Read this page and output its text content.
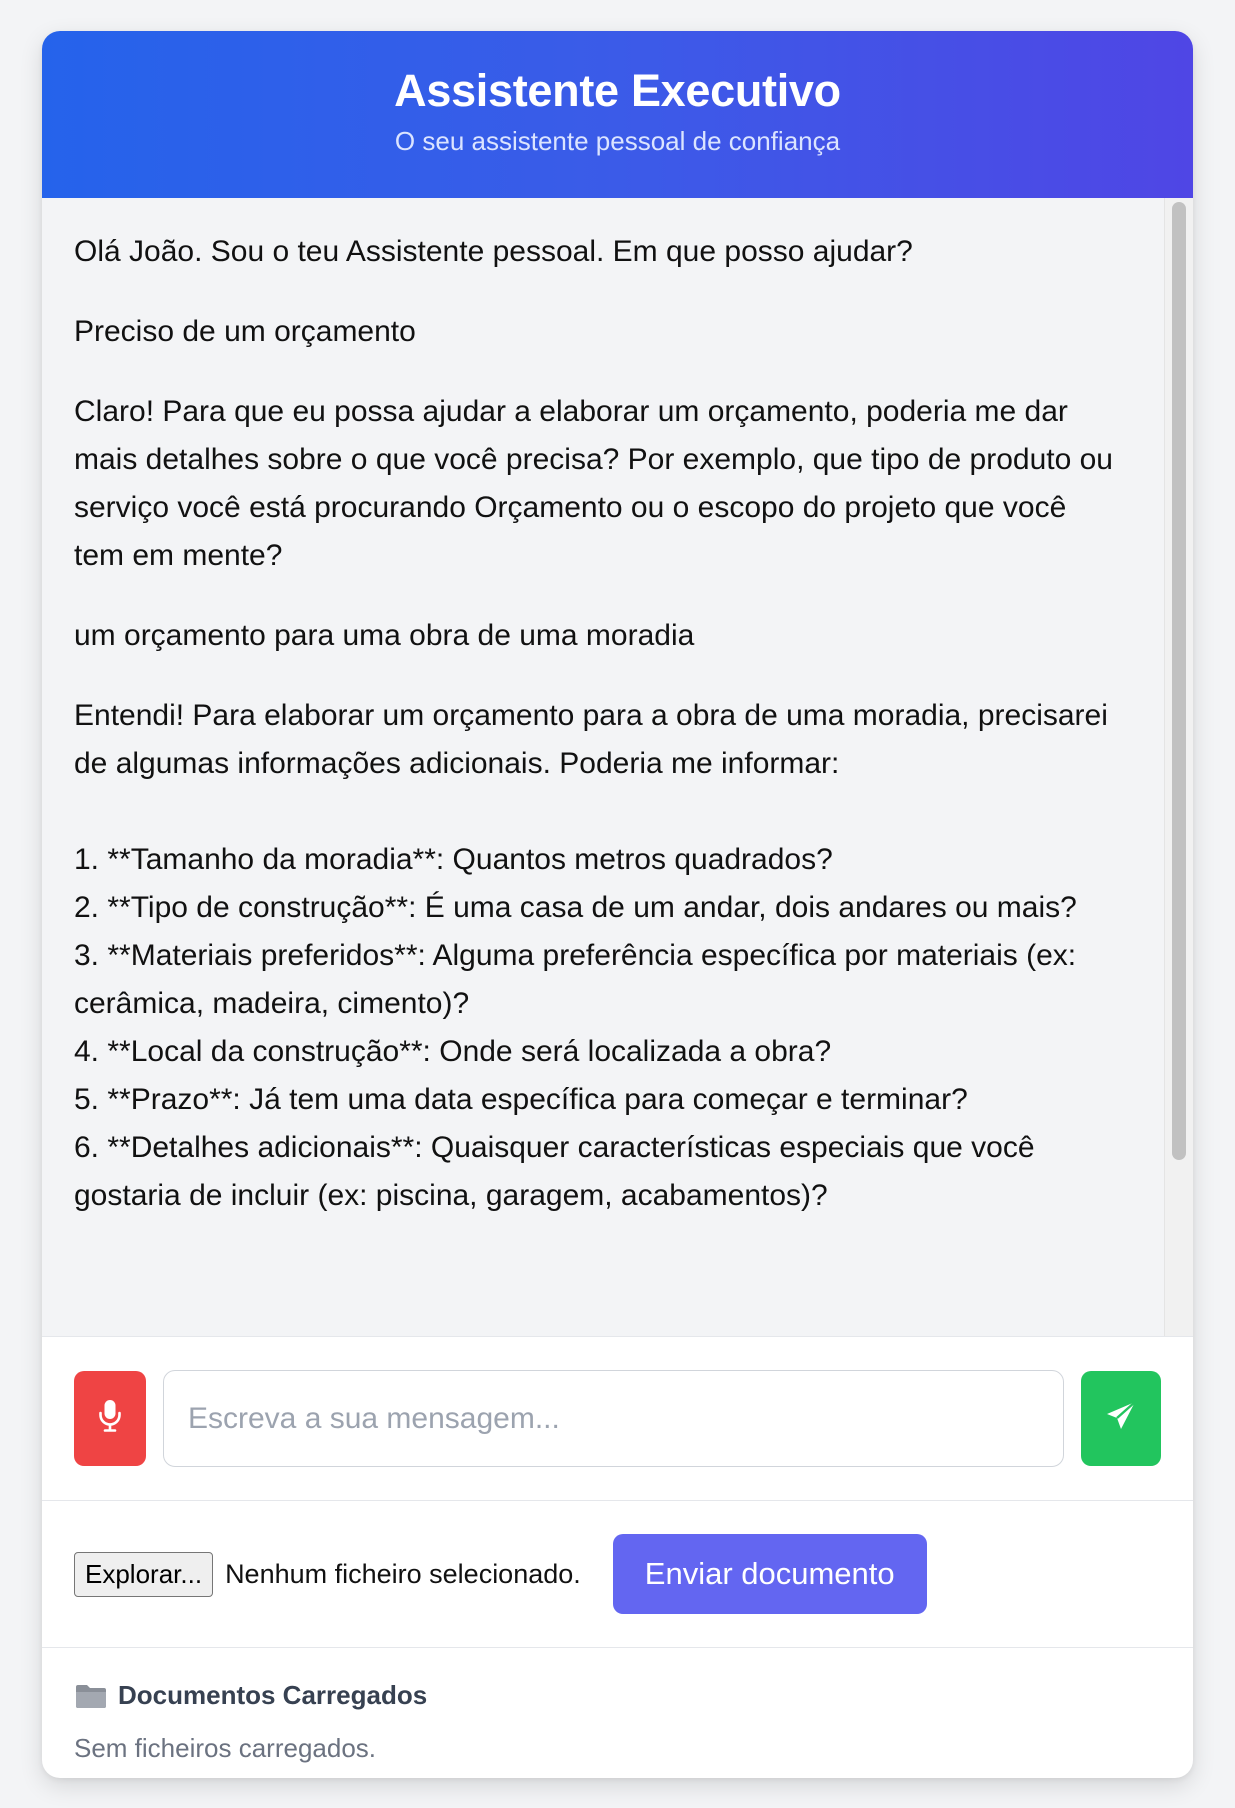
Assistente Executivo
O seu assistente pessoal de confiança

Olá João. Sou o teu Assistente pessoal. Em que posso ajudar?

Preciso de um orçamento

Claro! Para que eu possa ajudar a elaborar um orçamento, poderia me dar mais detalhes sobre o que você precisa? Por exemplo, que tipo de produto ou serviço você está procurando Orçamento ou o escopo do projeto que você tem em mente?

um orçamento para uma obra de uma moradia

Entendi! Para elaborar um orçamento para a obra de uma moradia, precisarei de algumas informações adicionais. Poderia me informar:

1. **Tamanho da moradia**: Quantos metros quadrados?
2. **Tipo de construção**: É uma casa de um andar, dois andares ou mais?
3. **Materiais preferidos**: Alguma preferência específica por materiais (ex: cerâmica, madeira, cimento)?
4. **Local da construção**: Onde será localizada a obra?
5. **Prazo**: Já tem uma data específica para começar e terminar?
6. **Detalhes adicionais**: Quaisquer características especiais que você gostaria de incluir (ex: piscina, garagem, acabamentos)?

Escreva a sua mensagem...
Explorar... Nenhum ficheiro selecionado.	Enviar documento
Documentos Carregados
Sem ficheiros carregados.
